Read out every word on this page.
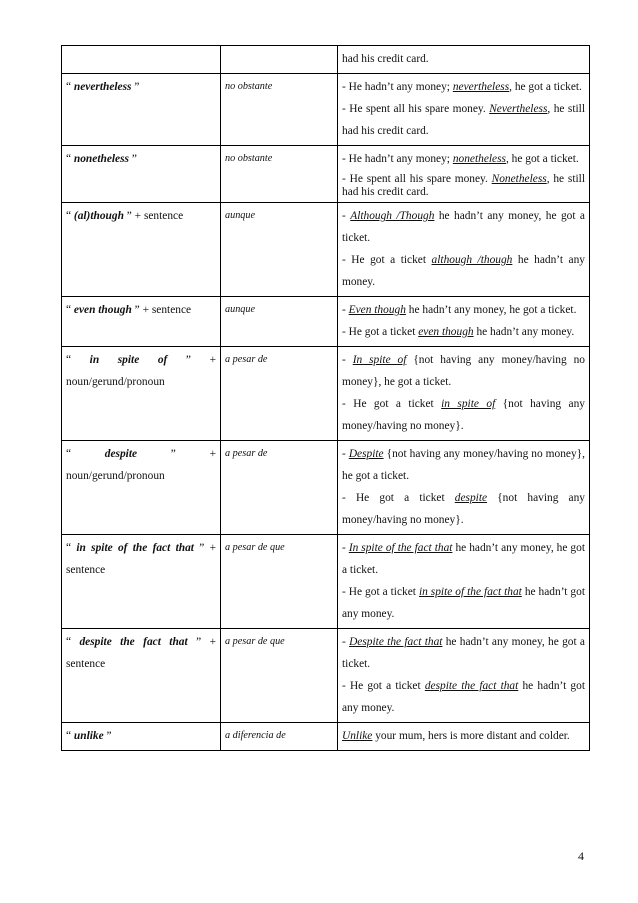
		had his credit card.

“ nevertheless ”	no obstante	- He hadn’t any money; nevertheless, he got a ticket.

- He spent all his spare money. Nevertheless, he still had his credit card.

“ nonetheless ”	no obstante	- He hadn’t any money; nonetheless, he got a ticket.

- He spent all his spare money. Nonetheless, he still had his credit card.

“ (al)though ” + sentence	aunque	- Although /Though he hadn’t any money, he got a ticket.

- He got a ticket although /though he hadn’t any money.

“ even though ” + sentence	aunque	- Even though he hadn’t any money, he got a ticket.

- He got a ticket even though he hadn’t any money.

“ in spite of ” + noun/gerund/pronoun	a pesar de	- In spite of {not having any money/having no money}, he got a ticket.

- He got a ticket in spite of {not having any money/having no money}.

“ despite ” + noun/gerund/pronoun	a pesar de	- Despite {not having any money/having no money}, he got a ticket.

- He got a ticket despite {not having any money/having no money}.

“ in spite of the fact that ” + sentence	a pesar de que	- In spite of the fact that he hadn’t any money, he got a ticket.

- He got a ticket in spite of the fact that he hadn’t got any money.

“ despite the fact that ” + sentence	a pesar de que	- Despite the fact that he hadn’t any money, he got a ticket.

- He got a ticket despite the fact that he hadn’t got any money.

“ unlike ”	a diferencia de	Unlike your mum, hers is more distant and colder.

4
